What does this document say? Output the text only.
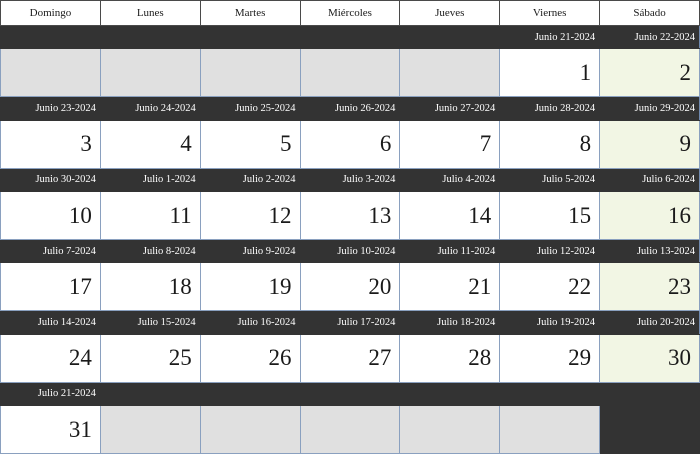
Domingo	Lunes	Martes	Miércoles	Jueves	Viernes	Sábado
					Junio 21-2024	Junio 22-2024
					1	2
Junio 23-2024	Junio 24-2024	Junio 25-2024	Junio 26-2024	Junio 27-2024	Junio 28-2024	Junio 29-2024
3	4	5	6	7	8	9
Junio 30-2024	Julio 1-2024	Julio 2-2024	Julio 3-2024	Julio 4-2024	Julio 5-2024	Julio 6-2024
10	11	12	13	14	15	16
Julio 7-2024	Julio 8-2024	Julio 9-2024	Julio 10-2024	Julio 11-2024	Julio 12-2024	Julio 13-2024
17	18	19	20	21	22	23
Julio 14-2024	Julio 15-2024	Julio 16-2024	Julio 17-2024	Julio 18-2024	Julio 19-2024	Julio 20-2024
24	25	26	27	28	29	30
Julio 21-2024						
31						
